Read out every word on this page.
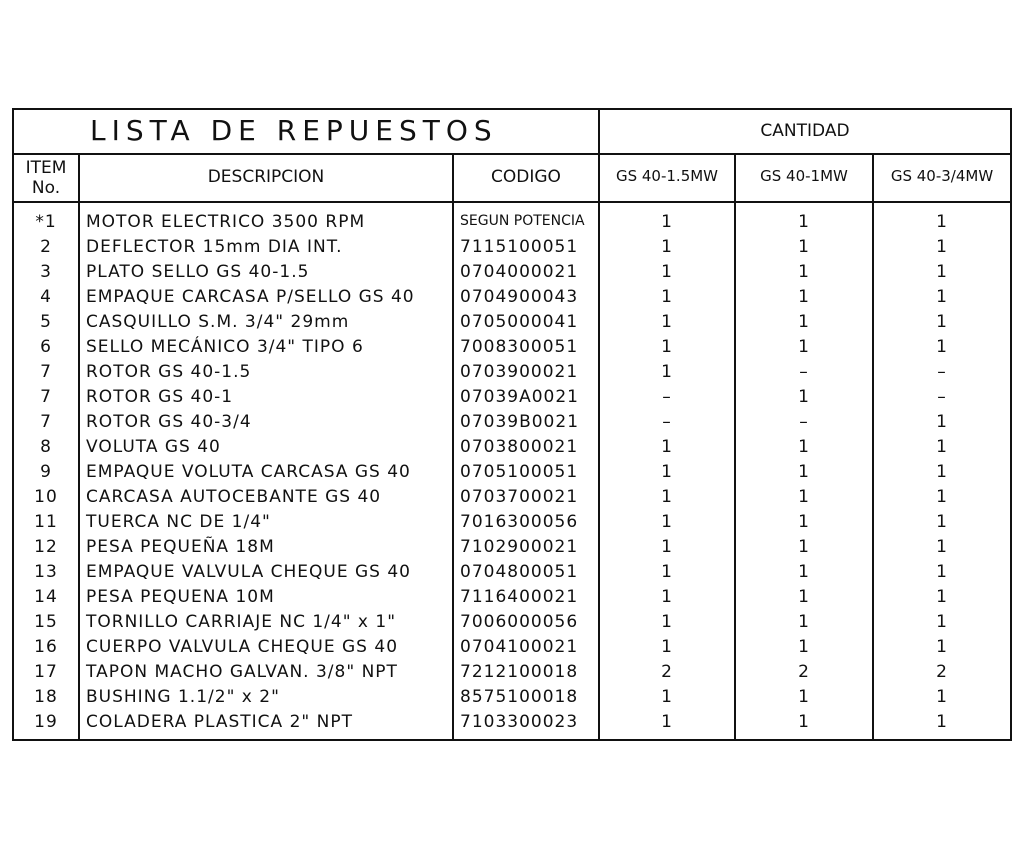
LISTA DE REPUESTOS	CANTIDAD
ITEM
No.
DESCRIPCION	CODIGO	GS 40-1.5MW	GS 40-1MW	GS 40-3/4MW
*1	MOTOR ELECTRICO 3500 RPM	SEGUN POTENCIA	1	1	1
2	DEFLECTOR 15mm DIA INT.	7115100051	1	1	1
3	PLATO SELLO GS 40-1.5	0704000021	1	1	1
4	EMPAQUE CARCASA P/SELLO GS 40	0704900043	1	1	1
5	CASQUILLO S.M. 3/4" 29mm	0705000041	1	1	1
6	SELLO MECÁNICO 3/4" TIPO 6	7008300051	1	1	1
7	ROTOR GS 40-1.5	0703900021	1	–	–
7	ROTOR GS 40-1	07039A0021	–	1	–
7	ROTOR GS 40-3/4	07039B0021	–	–	1
8	VOLUTA GS 40	0703800021	1	1	1
9	EMPAQUE VOLUTA CARCASA GS 40	0705100051	1	1	1
10	CARCASA AUTOCEBANTE GS 40	0703700021	1	1	1
11	TUERCA NC DE 1/4"	7016300056	1	1	1
12	PESA PEQUEÑA 18M	7102900021	1	1	1
13	EMPAQUE VALVULA CHEQUE GS 40	0704800051	1	1	1
14	PESA PEQUENA 10M	7116400021	1	1	1
15	TORNILLO CARRIAJE NC 1/4" x 1"	7006000056	1	1	1
16	CUERPO VALVULA CHEQUE GS 40	0704100021	1	1	1
17	TAPON MACHO GALVAN. 3/8" NPT	7212100018	2	2	2
18	BUSHING 1.1/2" x 2"	8575100018	1	1	1
19	COLADERA PLASTICA 2" NPT	7103300023	1	1	1
